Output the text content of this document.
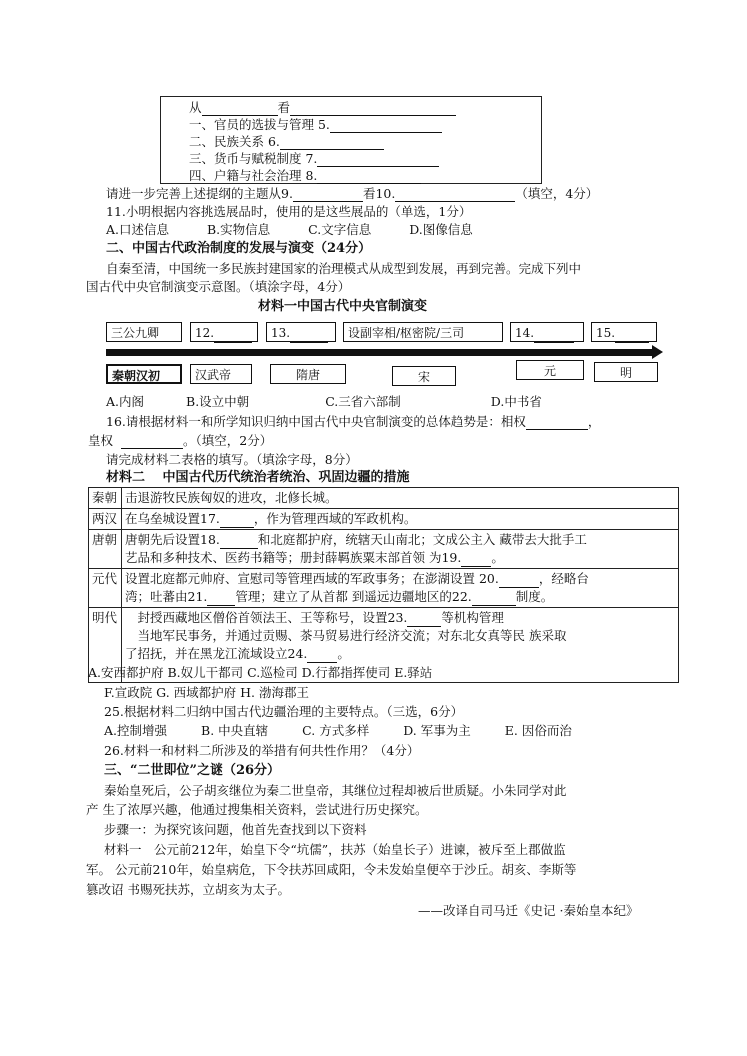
从	看
一、官员的选拔与管理 5.
二、民族关系 6.
三、货币与赋税制度 7.
四、户籍与社会治理 8.
请进一步完善上述提纲的主题从9.	看10.	（填空，4分）
11.小明根据内容挑选展品时，使用的是这些展品的（单选，1分）
A.口述信息	B.实物信息	C.文字信息	D.图像信息
二、中国古代政治制度的发展与演变（24分）
自秦至清，中国统一多民族封建国家的治理模式从成型到发展，再到完善。完成下列中
国古代中央官制演变示意图。（填涂字母，4分）
材料一中国古代中央官制演变
三公九卿	12.	13.	设副宰相/枢密院/三司	14.	15.
秦朝汉初	汉武帝	隋唐	宋	元	明
A.内阁	B.设立中朝	C.三省六部制	D.中书省
16.请根据材料一和所学知识归纳中国古代中央官制演变的总体趋势是：相权	，
皇权	。（填空，2分）
请完成材料二表格的填写。（填涂字母，8分）
材料二　 中国古代历代统治者统治、巩固边疆的措施
秦朝	击退游牧民族匈奴的进攻，北修长城。
两汉	在乌垒城设置17. ，作为管理西域的军政机构。
唐朝	唐朝先后设置18. 和北庭都护府，统辖天山南北；文成公主入 藏带去大批手工
艺品和多种技术、医药书籍等；册封薛羁族粟末部首领 为19. 。
元代	设置北庭都元帅府、宣慰司等管理西域的军政事务；在澎湖设置 20. ，经略台
湾；吐蕃由21. 管理；建立了从首都 到遥远边疆地区的22. 制度。
明代	　封授西藏地区僧俗首领法王、王等称号，设置23. 等机构管理
　当地军民事务，并通过贡赐、茶马贸易进行经济交流；对东北女真等民 族采取
了招抚，并在黑龙江流域设立24. 。
A.安西都护府 B.奴儿干都司 C.巡检司 D.行都指挥使司 E.驿站
F.宣政院 G. 西域都护府 H. 渤海郡王
25.根据材料二归纳中国古代边疆治理的主要特点。（三选，6分）
A.控制增强	B. 中央直辖	C. 方式多样	D. 军事为主	E. 因俗而治
26.材料一和材料二所涉及的举措有何共性作用？（4分）
三、“二世即位”之谜（26分）
秦始皇死后，公子胡亥继位为秦二世皇帝，其继位过程却被后世质疑。小朱同学对此
产 生了浓厚兴趣，他通过搜集相关资料，尝试进行历史探究。
步骤一：为探究该问题，他首先查找到以下资料
材料一　公元前212年，始皇下令“坑儒”，扶苏（始皇长子）进谏，被斥至上郡做监
军。 公元前210年，始皇病危，下令扶苏回咸阳，令未发始皇便卒于沙丘。胡亥、李斯等
篡改诏 书赐死扶苏，立胡亥为太子。
——改译自司马迁《史记 ·秦始皇本纪》
